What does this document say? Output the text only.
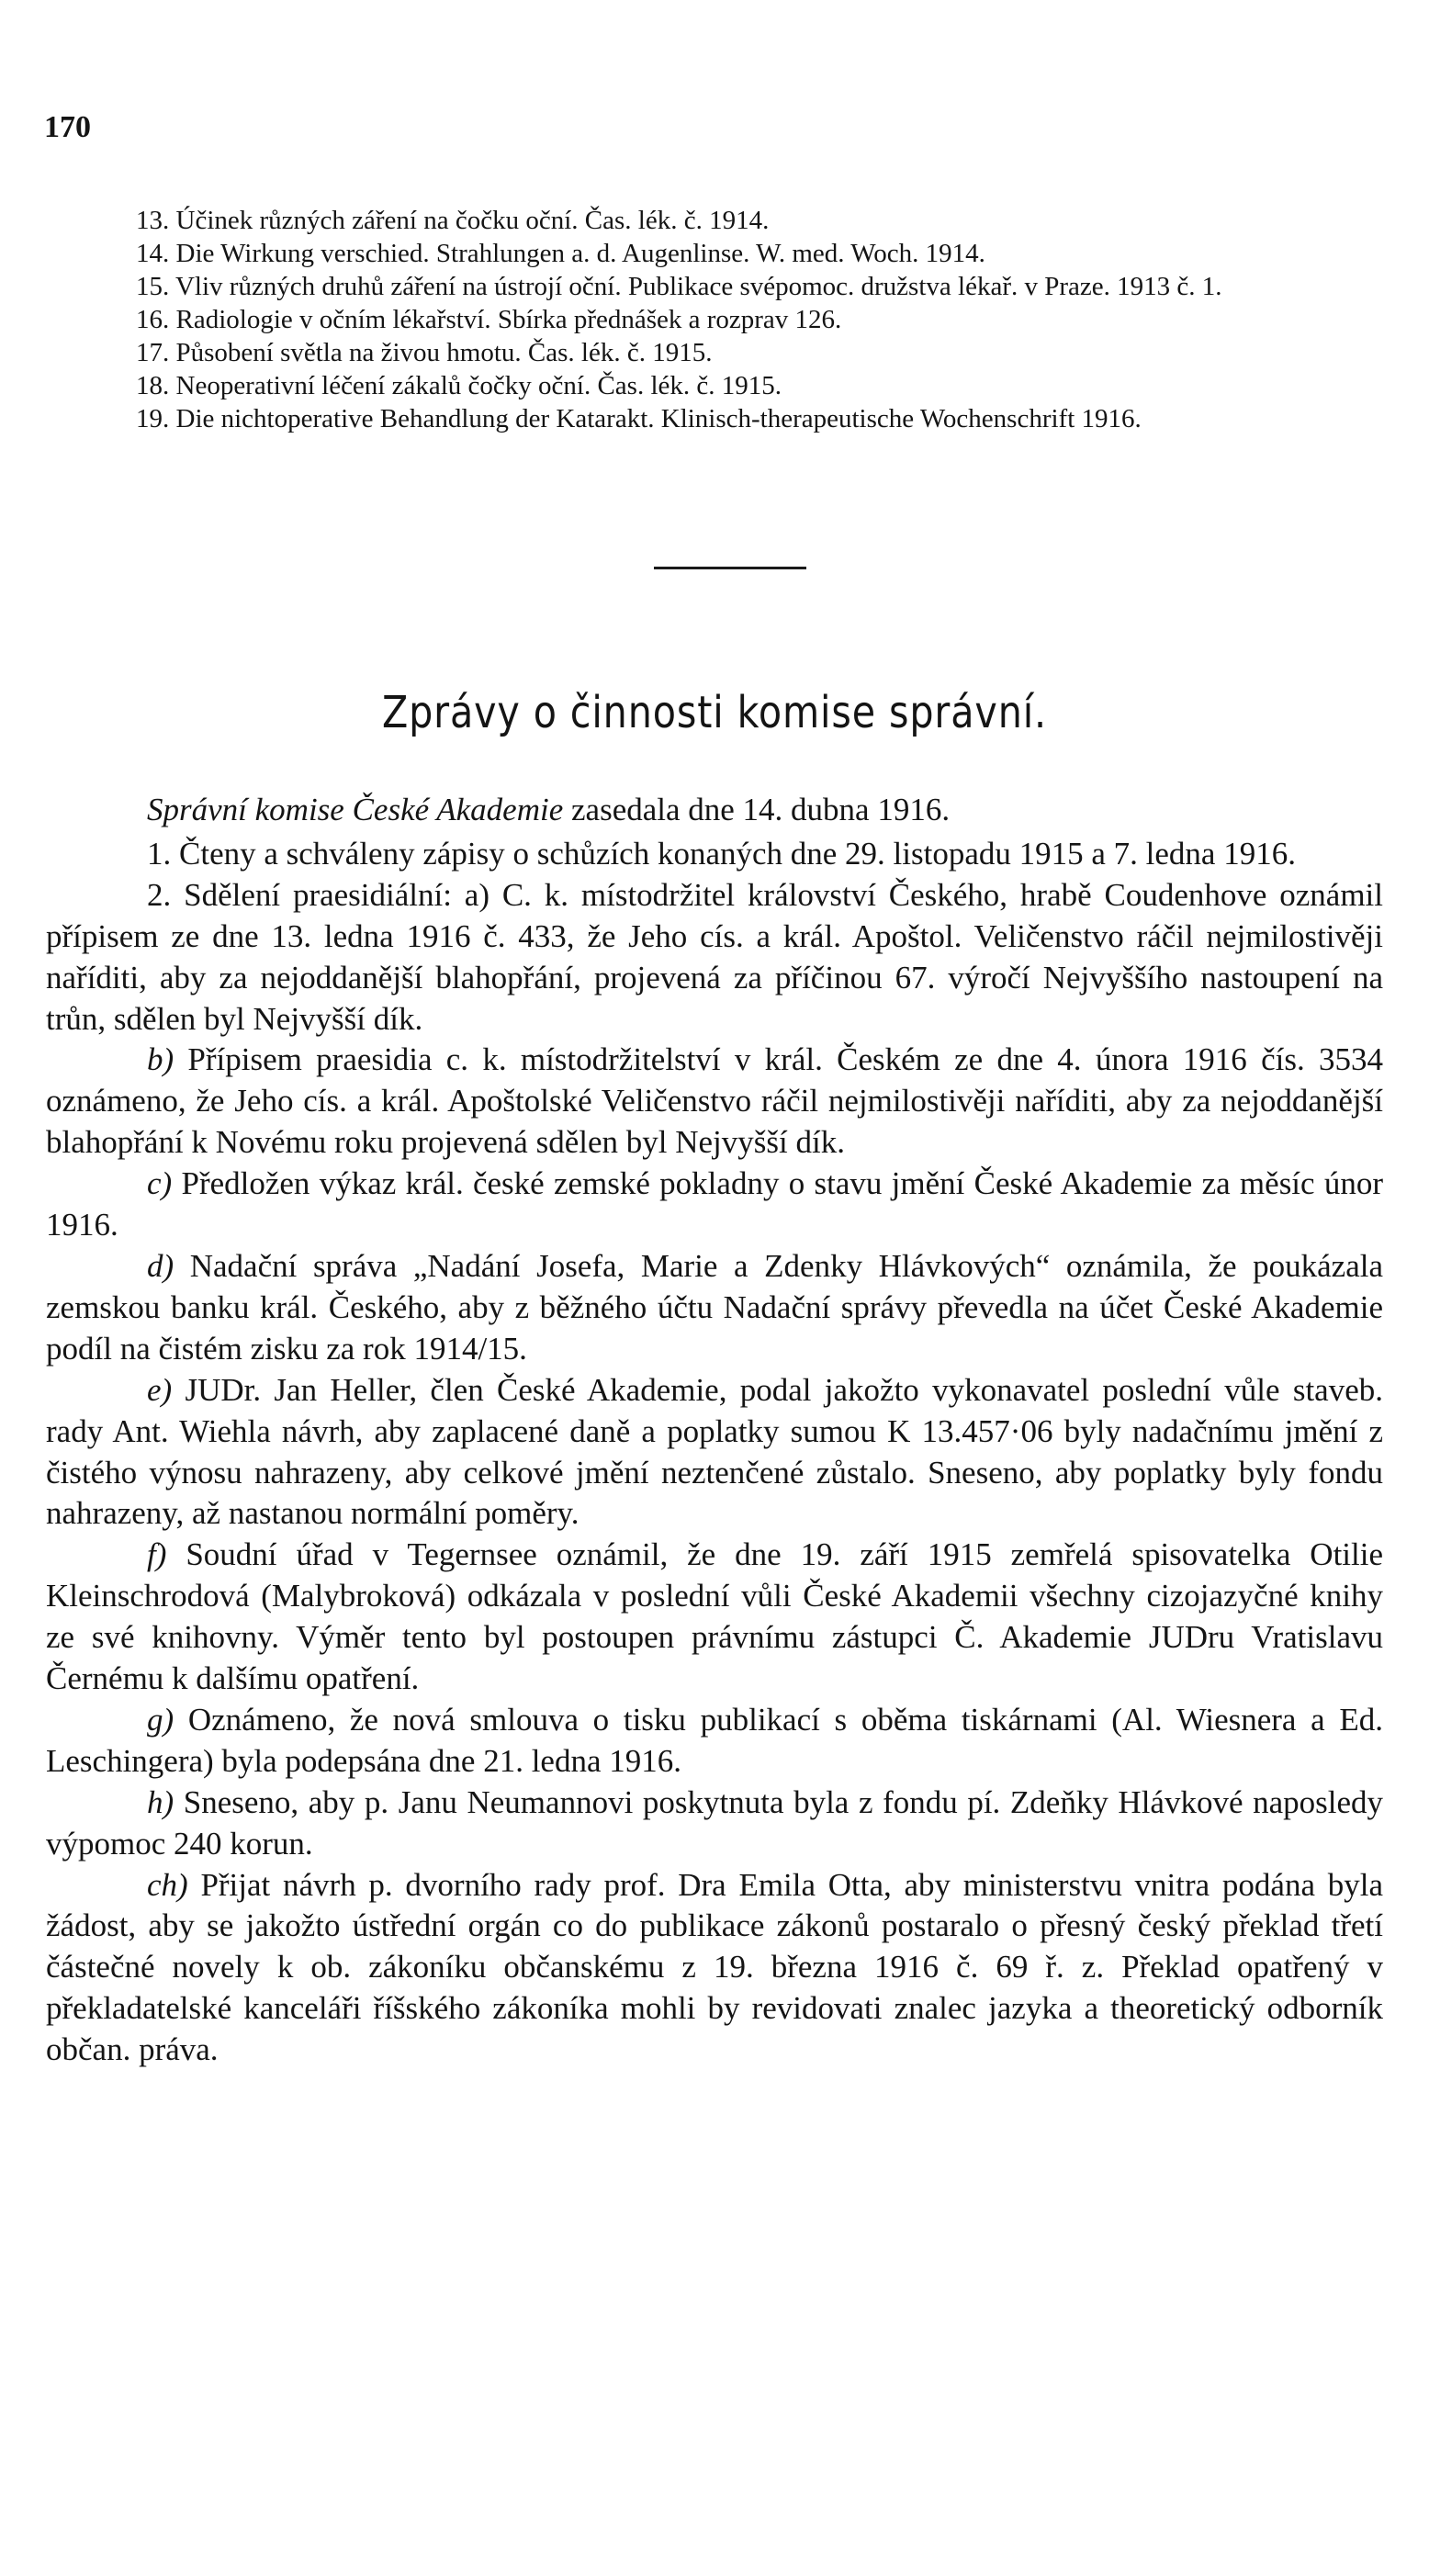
170
13. Účinek různých záření na čočku oční. Čas. lék. č. 1914.
14. Die Wirkung verschied. Strahlungen a. d. Augenlinse. W. med. Woch. 1914.
15. Vliv různých druhů záření na ústrojí oční. Publikace svépomoc. družstva lékař. v Praze. 1913 č. 1.
16. Radiologie v očním lékařství. Sbírka přednášek a rozprav 126.
17. Působení světla na živou hmotu. Čas. lék. č. 1915.
18. Neoperativní léčení zákalů čočky oční. Čas. lék. č. 1915.
19. Die nichtoperative Behandlung der Katarakt. Klinisch-therapeutische Wochenschrift 1916.
Zprávy o činnosti komise správní.
Správní komise České Akademie zasedala dne 14. dubna 1916.
1. Čteny a schváleny zápisy o schůzích konaných dne 29. listopadu 1915 a 7. ledna 1916.
2. Sdělení praesidiální: a) C. k. místodržitel království Českého, hrabě Coudenhove oznámil přípisem ze dne 13. ledna 1916 č. 433, že Jeho cís. a král. Apoštol. Veličenstvo ráčil nejmilostivěji naříditi, aby za nejoddanější blahopřání, projevená za příčinou 67. výročí Nejvyššího nastoupení na trůn, sdělen byl Nejvyšší dík.
b) Přípisem praesidia c. k. místodržitelství v král. Českém ze dne 4. února 1916 čís. 3534 oznámeno, že Jeho cís. a král. Apoštolské Veličenstvo ráčil nejmilostivěji naříditi, aby za nejoddanější blahopřání k Novému roku projevená sdělen byl Nejvyšší dík.
c) Předložen výkaz král. české zemské pokladny o stavu jmění České Akademie za měsíc únor 1916.
d) Nadační správa „Nadání Josefa, Marie a Zdenky Hlávkových“ oznámila, že poukázala zemskou banku král. Českého, aby z běžného účtu Nadační správy převedla na účet České Akademie podíl na čistém zisku za rok 1914/15.
e) JUDr. Jan Heller, člen České Akademie, podal jakožto vykonavatel poslední vůle staveb. rady Ant. Wiehla návrh, aby zaplacené daně a poplatky sumou K 13.457·06 byly nadačnímu jmění z čistého výnosu nahrazeny, aby celkové jmění neztenčené zůstalo. Sneseno, aby poplatky byly fondu nahrazeny, až nastanou normální poměry.
f) Soudní úřad v Tegernsee oznámil, že dne 19. září 1915 zemřelá spisovatelka Otilie Kleinschrodová (Malybroková) odkázala v poslední vůli České Akademii všechny cizojazyčné knihy ze své knihovny. Výměr tento byl postoupen právnímu zástupci Č. Akademie JUDru Vratislavu Černému k dalšímu opatření.
g) Oznámeno, že nová smlouva o tisku publikací s oběma tiskárnami (Al. Wiesnera a Ed. Leschingera) byla podepsána dne 21. ledna 1916.
h) Sneseno, aby p. Janu Neumannovi poskytnuta byla z fondu pí. Zdeňky Hlávkové naposledy výpomoc 240 korun.
ch) Přijat návrh p. dvorního rady prof. Dra Emila Otta, aby ministerstvu vnitra podána byla žádost, aby se jakožto ústřední orgán co do publikace zákonů postaralo o přesný český překlad třetí částečné novely k ob. zákoníku občanskému z 19. března 1916 č. 69 ř. z. Překlad opatřený v překladatelské kanceláři říšského zákoníka mohli by revidovati znalec jazyka a theoretický odborník občan. práva.
